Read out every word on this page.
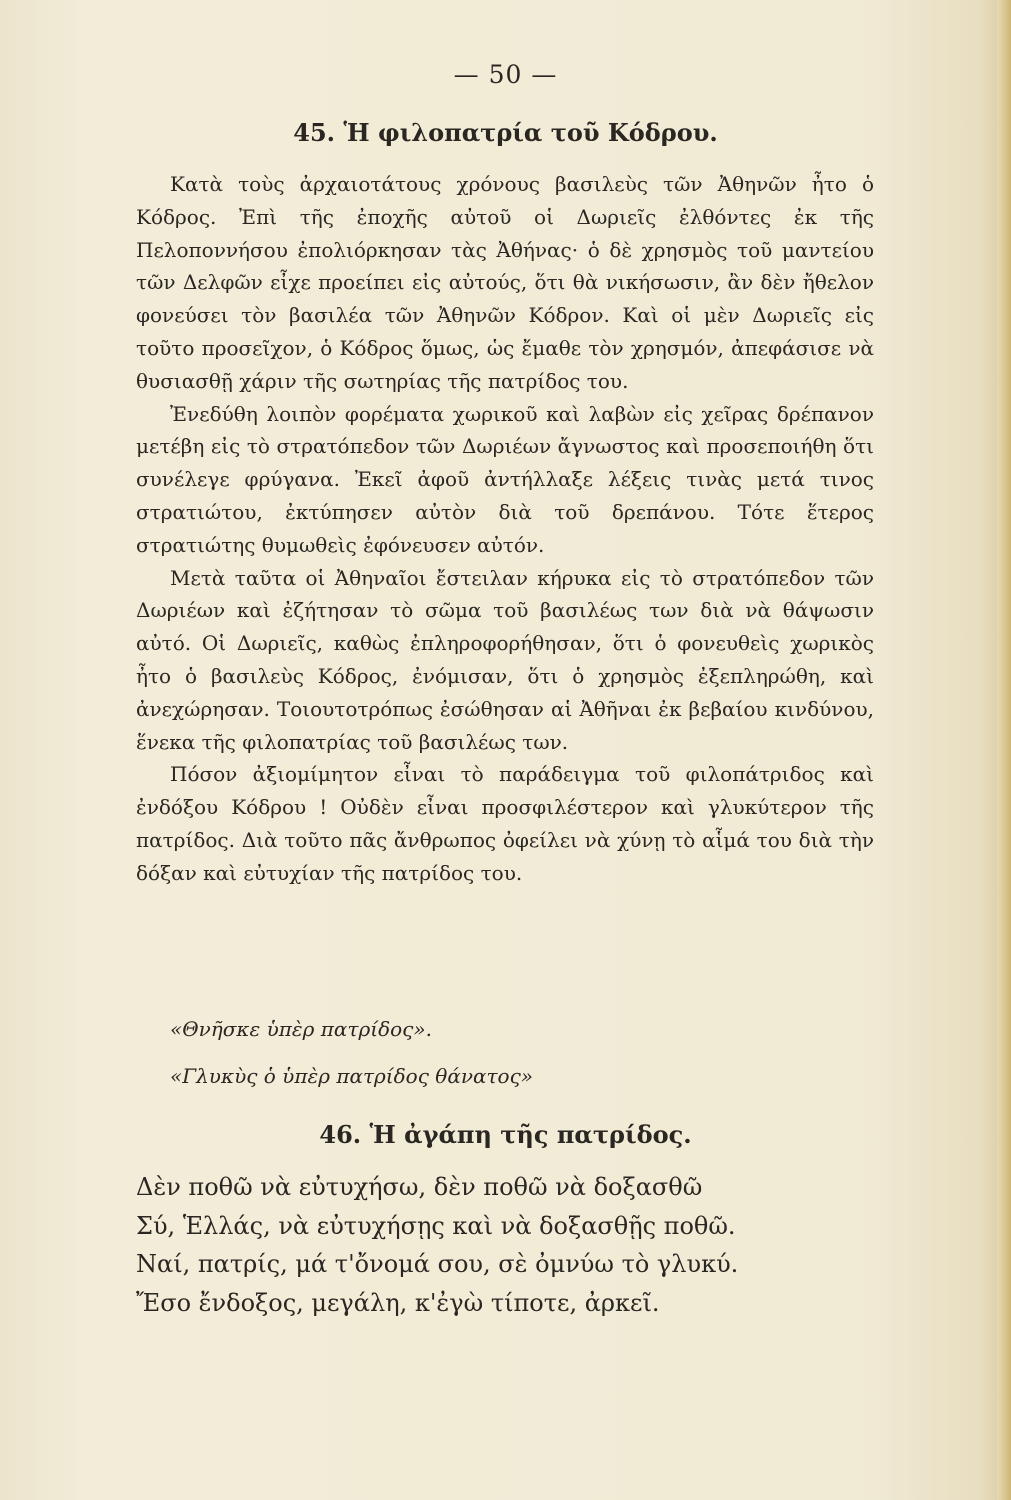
— 50 —
45. Ἡ φιλοπατρία τοῦ Κόδρου.

Κατὰ τοὺς ἀρχαιοτάτους χρόνους βασιλεὺς τῶν Ἀθηνῶν ἦτο ὁ Κόδρος. Ἐπὶ τῆς ἐποχῆς αὐτοῦ οἱ Δωριεῖς ἐλθόντες ἐκ τῆς Πελοποννήσου ἐπολιόρκησαν τὰς Ἀθήνας· ὁ δὲ χρησμὸς τοῦ μαντείου τῶν Δελφῶν εἶχε προείπει εἰς αὐτούς, ὅτι θὰ νικήσωσιν, ἂν δὲν ἤθελον φονεύσει τὸν βασιλέα τῶν Ἀθηνῶν Κόδρον. Καὶ οἱ μὲν Δωριεῖς εἰς τοῦτο προσεῖχον, ὁ Κόδρος ὅμως, ὡς ἔμαθε τὸν χρησμόν, ἀπεφάσισε νὰ θυσιασθῇ χάριν τῆς σωτηρίας τῆς πατρίδος του.

Ἐνεδύθη λοιπὸν φορέματα χωρικοῦ καὶ λαβὼν εἰς χεῖρας δρέπανον μετέβη εἰς τὸ στρατόπεδον τῶν Δωριέων ἄγνωστος καὶ προσεποιήθη ὅτι συνέλεγε φρύγανα. Ἐκεῖ ἀφοῦ ἀντήλλαξε λέξεις τινὰς μετά τινος στρατιώτου, ἐκτύπησεν αὐτὸν διὰ τοῦ δρεπάνου. Τότε ἕτερος στρατιώτης θυμωθεὶς ἐφόνευσεν αὐτόν.

Μετὰ ταῦτα οἱ Ἀθηναῖοι ἔστειλαν κήρυκα εἰς τὸ στρατόπεδον τῶν Δωριέων καὶ ἐζήτησαν τὸ σῶμα τοῦ βασιλέως των διὰ νὰ θάψωσιν αὐτό. Οἱ Δωριεῖς, καθὼς ἐπληροφορήθησαν, ὅτι ὁ φονευθεὶς χωρικὸς ἦτο ὁ βασιλεὺς Κόδρος, ἐνόμισαν, ὅτι ὁ χρησμὸς ἐξεπληρώθη, καὶ ἀνεχώρησαν. Τοιουτοτρόπως ἐσώθησαν αἱ Ἀθῆναι ἐκ βεβαίου κινδύνου, ἕνεκα τῆς φιλοπατρίας τοῦ βασιλέως των.

Πόσον ἀξιομίμητον εἶναι τὸ παράδειγμα τοῦ φιλοπάτριδος καὶ ἐνδόξου Κόδρου ! Οὐδὲν εἶναι προσφιλέστερον καὶ γλυκύτερον τῆς πατρίδος. Διὰ τοῦτο πᾶς ἄνθρωπος ὀφείλει νὰ χύνῃ τὸ αἷμά του διὰ τὴν δόξαν καὶ εὐτυχίαν τῆς πατρίδος του.

«Θνῆσκε ὑπὲρ πατρίδος».
«Γλυκὺς ὁ ὑπὲρ πατρίδος θάνατος»
46. Ἡ ἀγάπη τῆς πατρίδος.
Δὲν ποθῶ νὰ εὐτυχήσω, δὲν ποθῶ νὰ δοξασθῶ
Σύ, Ἑλλάς, νὰ εὐτυχήσῃς καὶ νὰ δοξασθῇς ποθῶ.
Ναί, πατρίς, μά τ'ὄνομά σου, σὲ ὀμνύω τὸ γλυκύ.
Ἔσο ἔνδοξος, μεγάλη, κ'ἐγὼ τίποτε, ἀρκεῖ.
